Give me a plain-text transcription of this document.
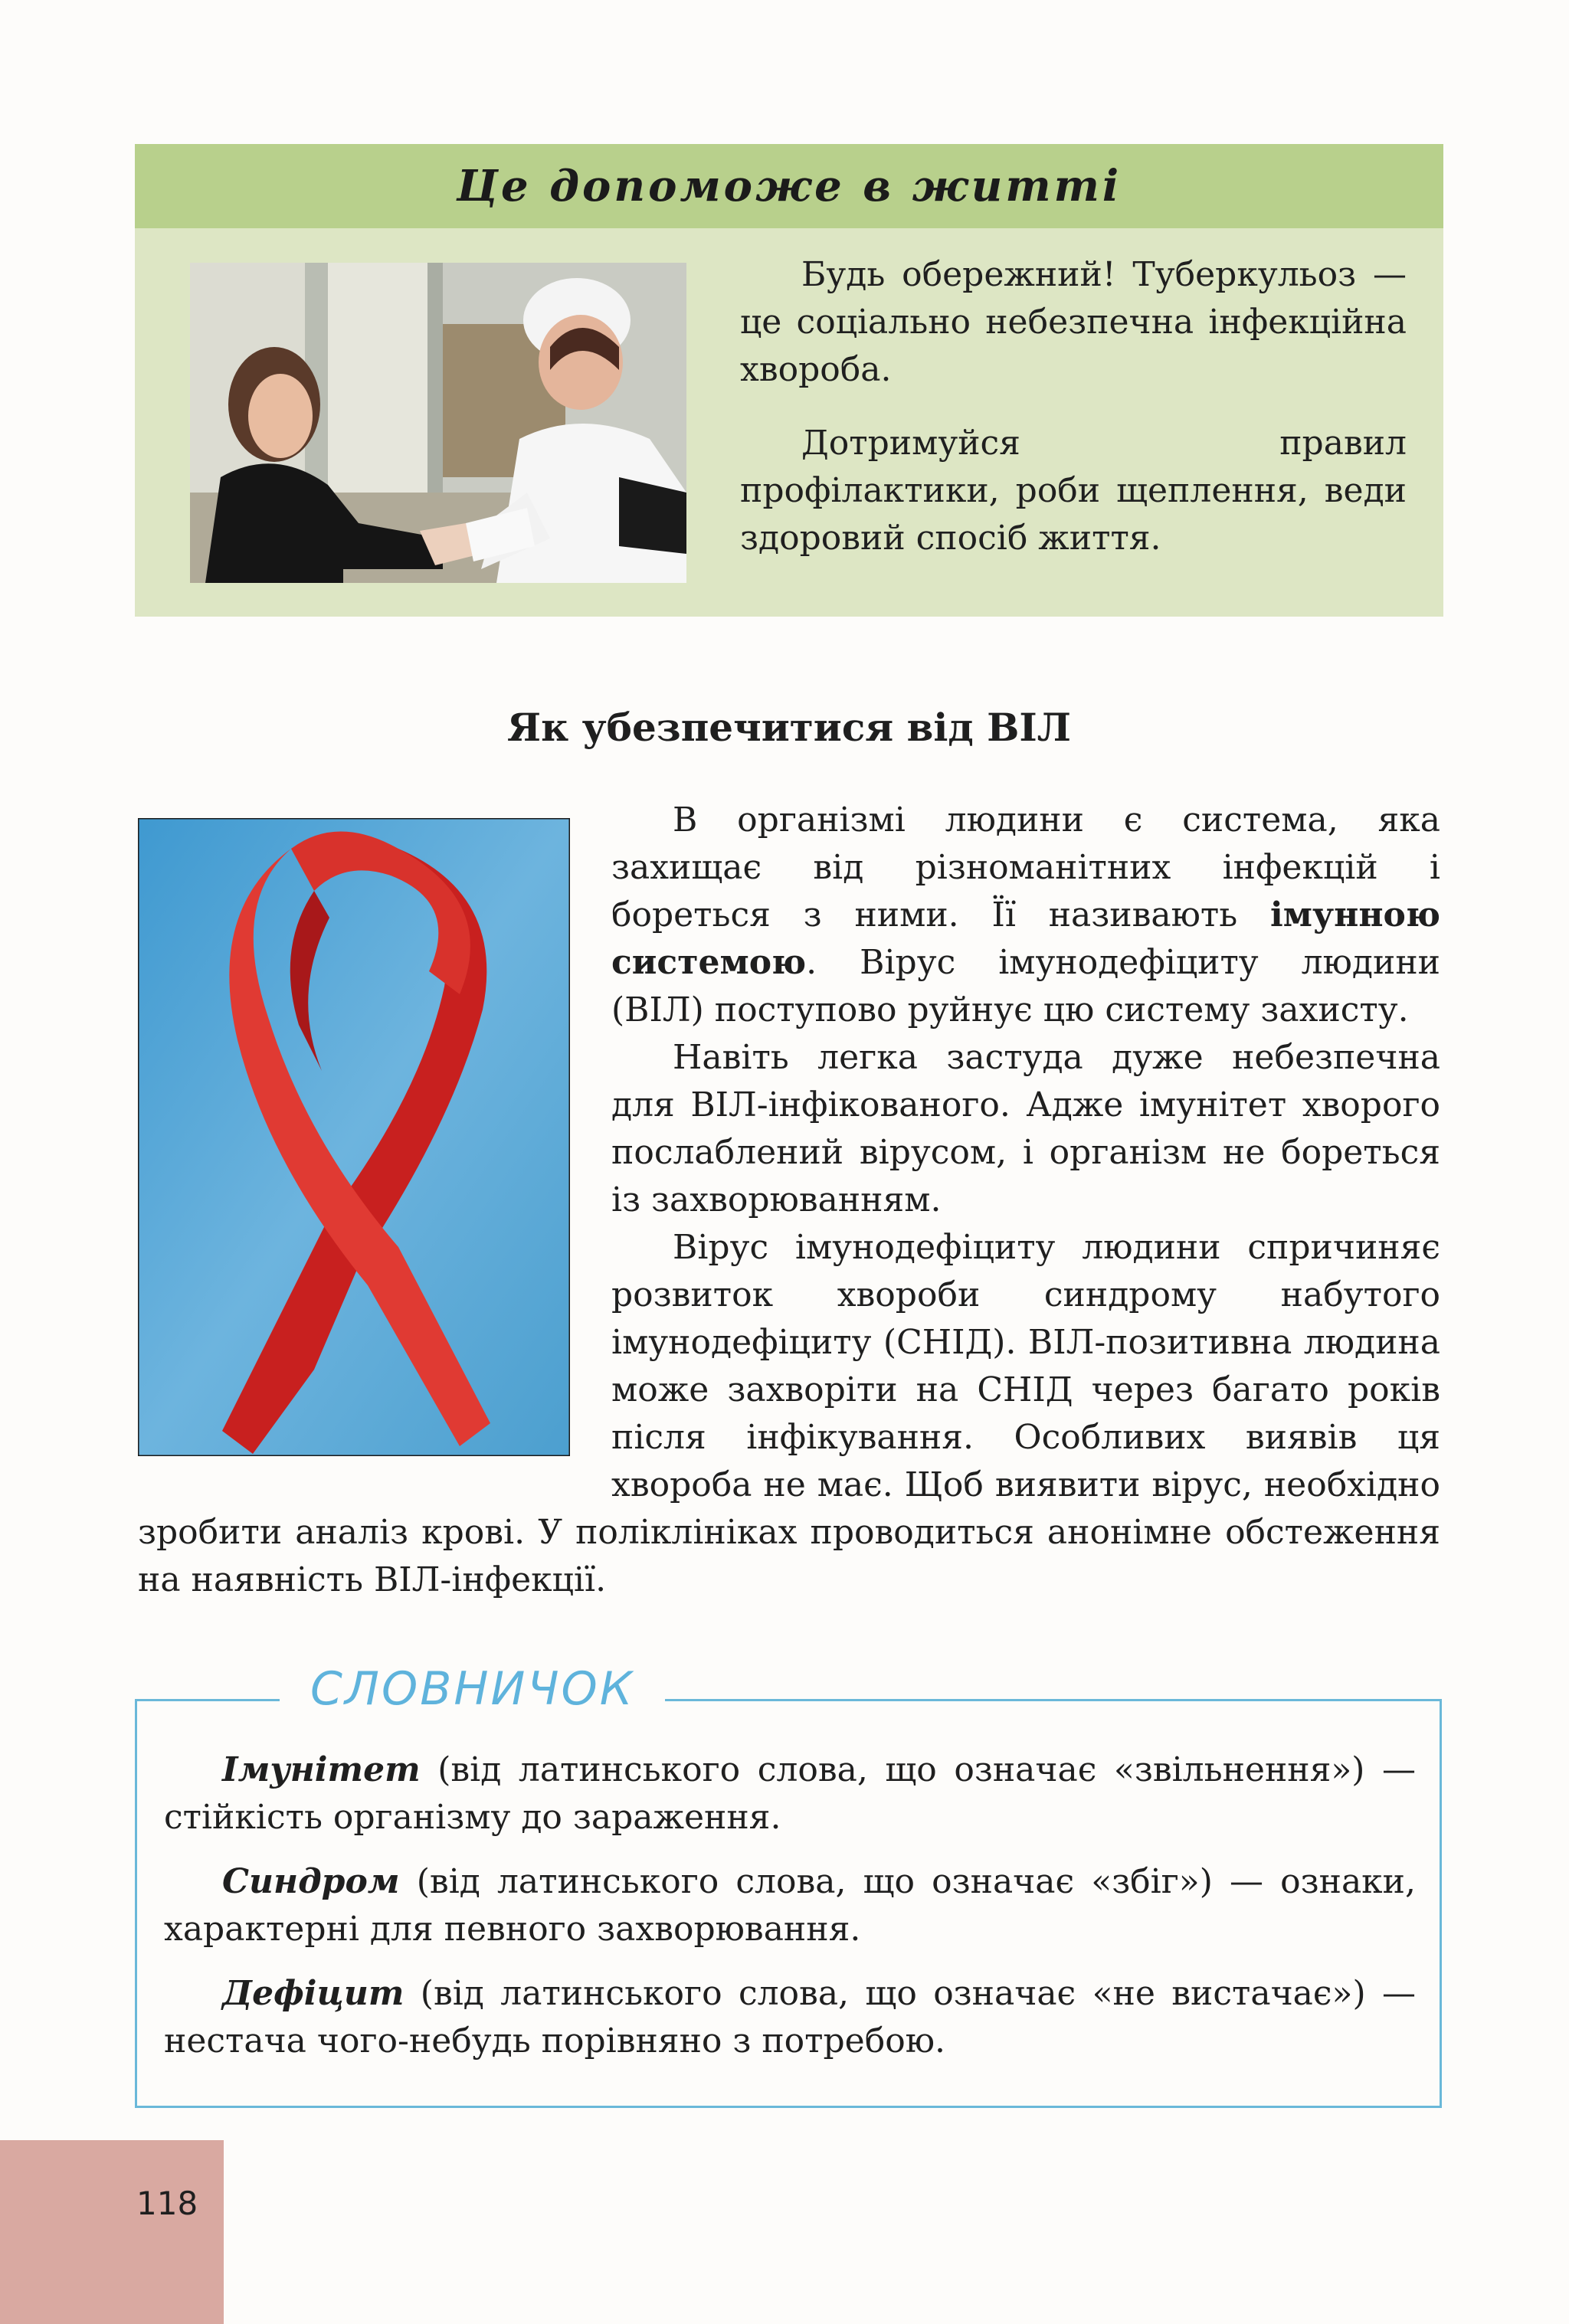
Це допоможе в житті

Будь обережний! Туберкульоз — це соціально небезпечна інфекційна хвороба.

Дотримуйся правил профілактики, роби щеплення, веди здоровий спосіб життя.

Як убезпечитися від ВІЛ

В організмі людини є система, яка захищає від різноманітних інфекцій і бореться з ними. Її називають імунною системою. Вірус імунодефіциту людини (ВІЛ) поступово руйнує цю систему захисту.

Навіть легка застуда дуже небезпечна для ВІЛ-інфікованого. Адже імунітет хворого послаблений вірусом, і організм не бореться із захворюванням.

Вірус імунодефіциту людини спричиняє розвиток хвороби синдрому набутого імунодефіциту (СНІД). ВІЛ-позитивна людина може захворіти на СНІД через багато років після інфікування. Особливих виявів ця хвороба не має. Щоб виявити вірус, необхідно зробити аналіз крові. У поліклініках проводиться анонімне обстеження на наявність ВІЛ-інфекції.

СЛОВНИЧОК

Імунітет (від латинського слова, що означає «звільнення») — стійкість організму до зараження.

Синдром (від латинського слова, що означає «збіг») — ознаки, характерні для певного захворювання.

Дефіцит (від латинського слова, що означає «не вистачає») — нестача чого-небудь порівняно з потребою.

118
